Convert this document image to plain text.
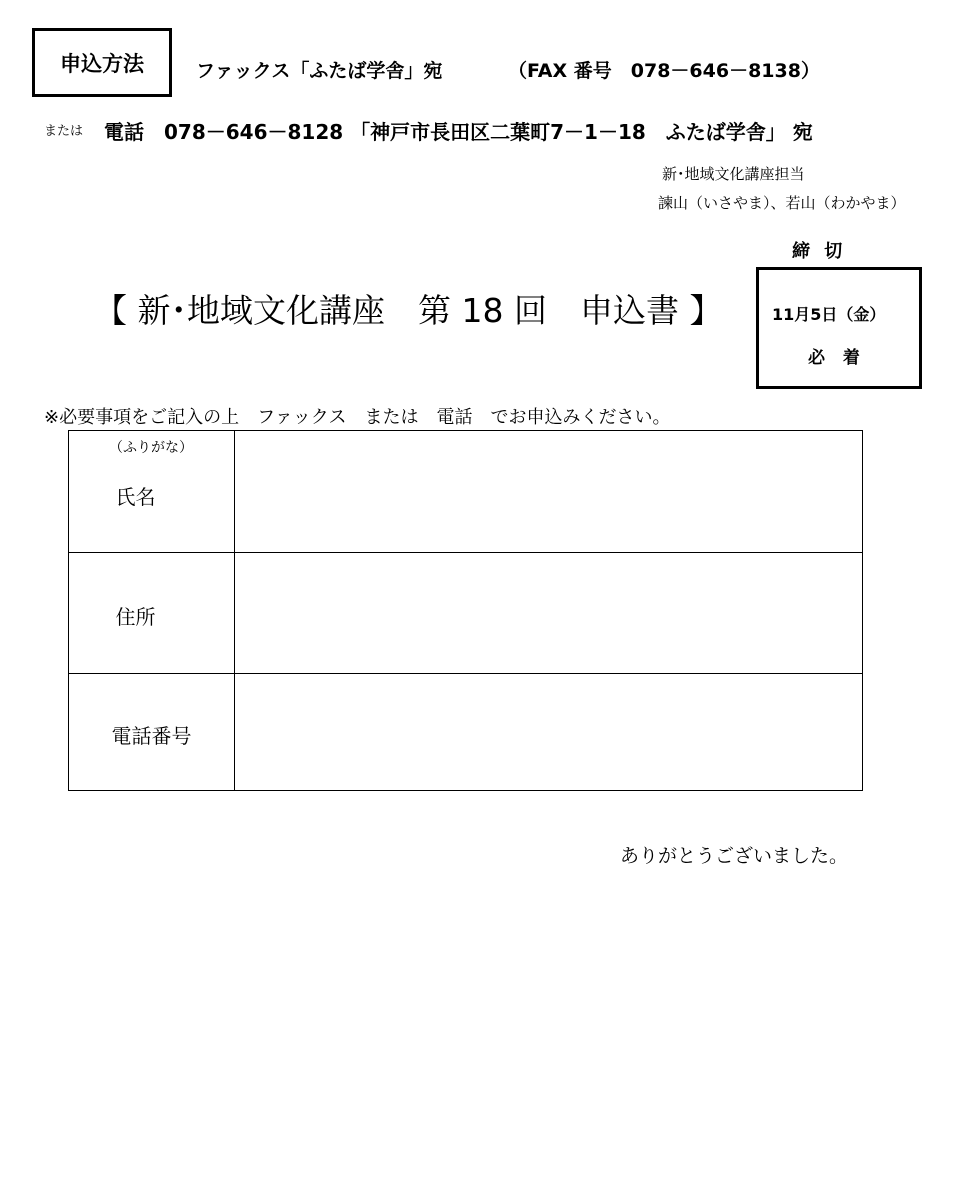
申込方法	ファックス「ふたば学舎」宛	（FAX 番号　078－646－8138）
または 電話　078－646－8128 「神戸市長田区二葉町7－1－18　ふたば学舎」 宛
新･地域文化講座担当
諫山（いさやま）、若山（わかやま）
締 切
11月5日（金）
必 着
【 新･地域文化講座　第 18 回　申込書 】
※必要事項をご記入の上　ファックス　または　電話　でお申込みください。
（ふりがな）
氏名
住所
電話番号
ありがとうございました。
